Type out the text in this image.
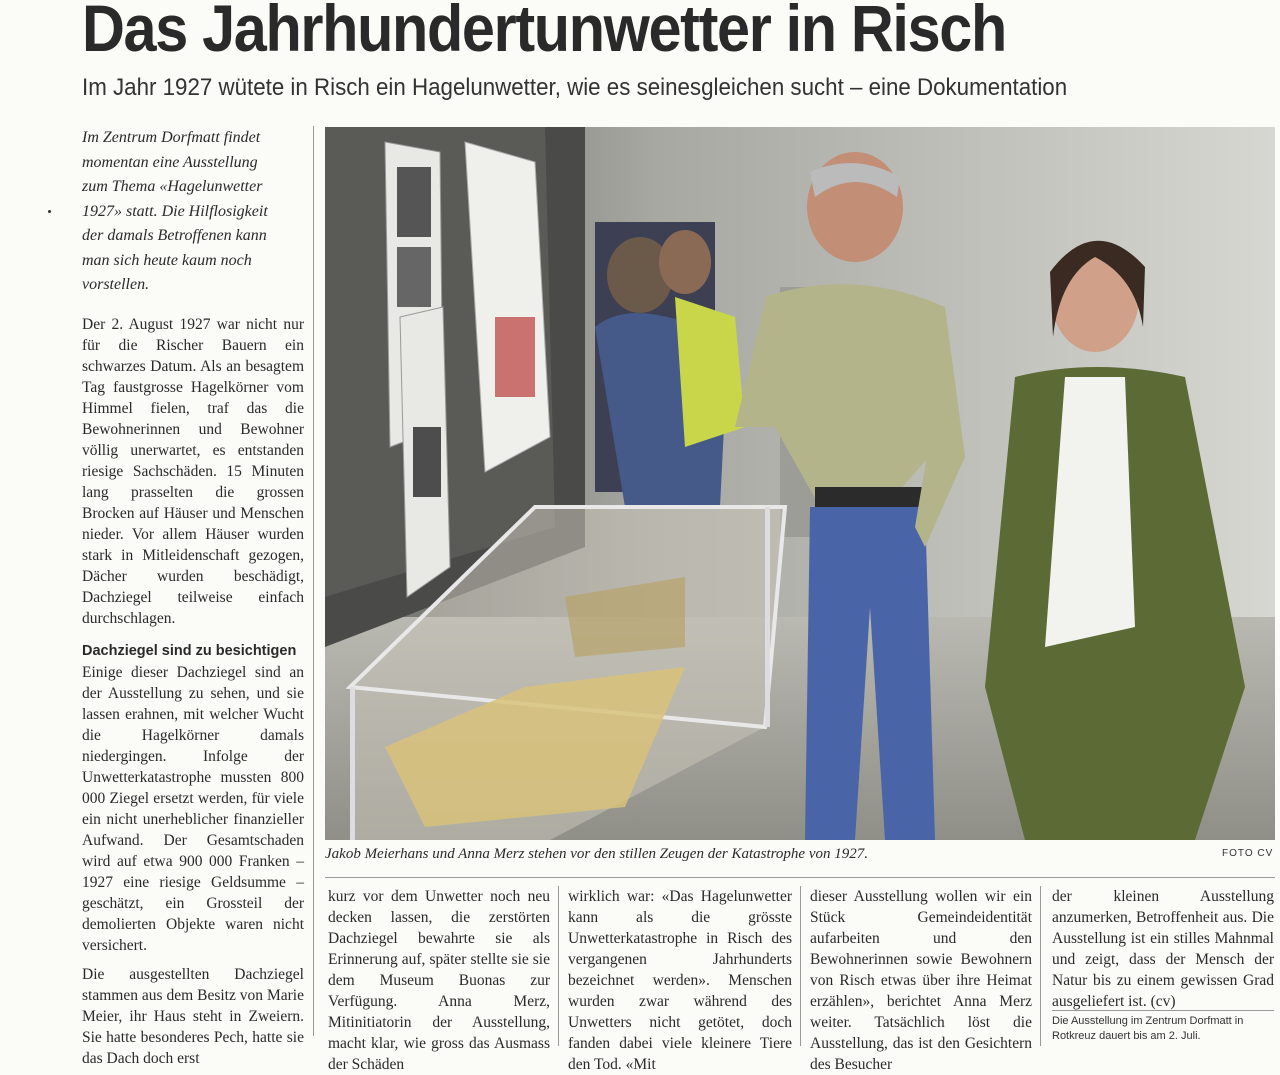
Das Jahrhundertunwetter in Risch
Im Jahr 1927 wütete in Risch ein Hagelunwetter, wie es seinesgleichen sucht – eine Dokumentation
Im Zentrum Dorfmatt findet
momentan eine Ausstellung
zum Thema «Hagelunwetter
1927» statt. Die Hilflosigkeit
der damals Betroffenen kann
man sich heute kaum noch
vorstellen.

Der 2. August 1927 war nicht nur für die Rischer Bauern ein schwarzes Datum. Als an besagtem Tag faustgrosse Hagelkörner vom Himmel fielen, traf das die Bewohnerinnen und Bewohner völlig unerwartet, es entstanden riesige Sachschäden. 15 Minuten lang prasselten die grossen Brocken auf Häuser und Menschen nieder. Vor allem Häuser wurden stark in Mitleidenschaft gezogen, Dächer wurden beschädigt, Dachziegel teilweise einfach durchschlagen.

Dachziegel sind zu besichtigen

Einige dieser Dachziegel sind an der Ausstellung zu sehen, und sie lassen erahnen, mit welcher Wucht die Hagelkörner damals niedergingen. Infolge der Unwetterkatastrophe mussten 800 000 Ziegel ersetzt werden, für viele ein nicht unerheblicher finanzieller Aufwand. Der Gesamtschaden wird auf etwa 900 000 Franken – 1927 eine riesige Geldsumme – geschätzt, ein Grossteil der demolierten Objekte waren nicht versichert.

Die ausgestellten Dachziegel stammen aus dem Besitz von Marie Meier, ihr Haus steht in Zweiern. Sie hatte besonderes Pech, hatte sie das Dach doch erst

Jakob Meierhans und Anna Merz stehen vor den stillen Zeugen der Katastrophe von 1927.	FOTO CV

kurz vor dem Unwetter noch neu decken lassen, die zerstörten Dachziegel bewahrte sie als Erinnerung auf, später stellte sie sie dem Museum Buonas zur Verfügung. Anna Merz, Mitinitiatorin der Ausstellung, macht klar, wie gross das Ausmass der Schäden

wirklich war: «Das Hagelunwetter kann als die grösste Unwetterkatastrophe in Risch des vergangenen Jahrhunderts bezeichnet werden». Menschen wurden zwar während des Unwetters nicht getötet, doch fanden dabei viele kleinere Tiere den Tod. «Mit

dieser Ausstellung wollen wir ein Stück Gemeindeidentität aufarbeiten und den Bewohnerinnen sowie Bewohnern von Risch etwas über ihre Heimat erzählen», berichtet Anna Merz weiter. Tatsächlich löst die Ausstellung, das ist den Gesichtern des Besucher

der kleinen Ausstellung anzumerken, Betroffenheit aus. Die Ausstellung ist ein stilles Mahnmal und zeigt, dass der Mensch der Natur bis zu einem gewissen Grad ausgeliefert ist. (cv)

Die Ausstellung im Zentrum Dorfmatt in Rotkreuz dauert bis am 2. Juli.
